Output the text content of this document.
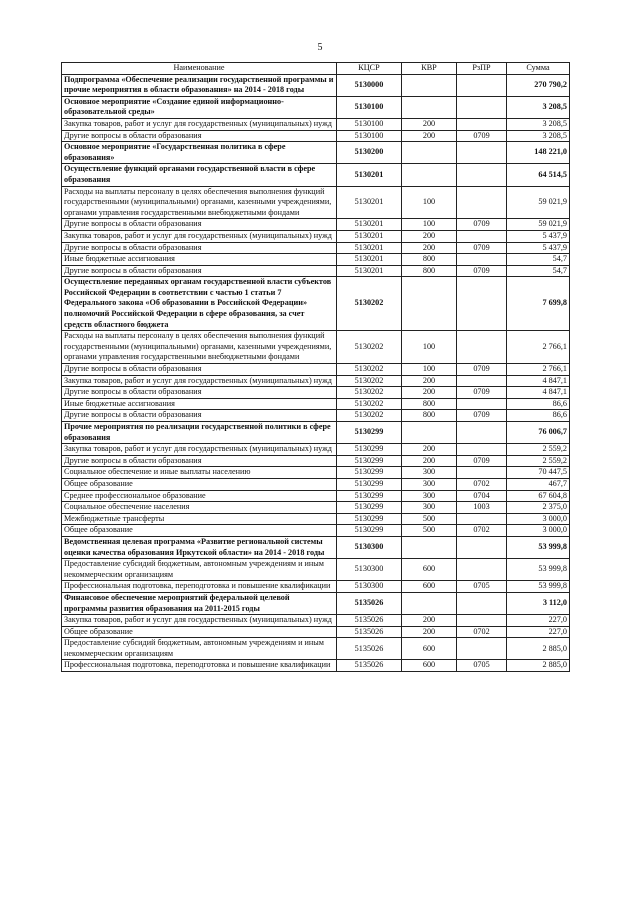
5
Наименование	КЦСР	КВР	РзПР	Сумма
Подпрограмма «Обеспечение реализации государственной программы и прочие мероприятия в области образования» на 2014 - 2018 годы	5130000			270 790,2
Основное мероприятие «Создание единой информационно-образовательной среды»	5130100			3 208,5
Закупка товаров, работ и услуг для государственных (муниципальных) нужд	5130100	200		3 208,5
Другие вопросы в области образования	5130100	200	0709	3 208,5
Основное мероприятие «Государственная политика в сфере образования»	5130200			148 221,0
Осуществление функций органами государственной власти в сфере образования	5130201			64 514,5
Расходы на выплаты персоналу в целях обеспечения выполнения функций государственными (муниципальными) органами, казенными учреждениями, органами управления государственными внебюджетными фондами	5130201	100		59 021,9
Другие вопросы в области образования	5130201	100	0709	59 021,9
Закупка товаров, работ и услуг для государственных (муниципальных) нужд	5130201	200		5 437,9
Другие вопросы в области образования	5130201	200	0709	5 437,9
Иные бюджетные ассигнования	5130201	800		54,7
Другие вопросы в области образования	5130201	800	0709	54,7
Осуществление переданных органам государственной власти субъектов Российской Федерации в соответствии с частью 1 статьи 7 Федерального закона «Об образовании в Российской Федерации» полномочий Российской Федерации в сфере образования, за счет средств областного бюджета	5130202			7 699,8
Расходы на выплаты персоналу в целях обеспечения выполнения функций государственными (муниципальными) органами, казенными учреждениями, органами управления государственными внебюджетными фондами	5130202	100		2 766,1
Другие вопросы в области образования	5130202	100	0709	2 766,1
Закупка товаров, работ и услуг для государственных (муниципальных) нужд	5130202	200		4 847,1
Другие вопросы в области образования	5130202	200	0709	4 847,1
Иные бюджетные ассигнования	5130202	800		86,6
Другие вопросы в области образования	5130202	800	0709	86,6
Прочие мероприятия по реализации государственной политики в сфере образования	5130299			76 006,7
Закупка товаров, работ и услуг для государственных (муниципальных) нужд	5130299	200		2 559,2
Другие вопросы в области образования	5130299	200	0709	2 559,2
Социальное обеспечение и иные выплаты населению	5130299	300		70 447,5
Общее образование	5130299	300	0702	467,7
Среднее профессиональное образование	5130299	300	0704	67 604,8
Социальное обеспечение населения	5130299	300	1003	2 375,0
Межбюджетные трансферты	5130299	500		3 000,0
Общее образование	5130299	500	0702	3 000,0
Ведомственная целевая программа «Развитие региональной системы оценки качества образования Иркутской области» на 2014 - 2018 годы	5130300			53 999,8
Предоставление субсидий бюджетным, автономным учреждениям и иным некоммерческим организациям	5130300	600		53 999,8
Профессиональная подготовка, переподготовка и повышение квалификации	5130300	600	0705	53 999,8
Финансовое обеспечение мероприятий федеральной целевой программы развития образования на 2011-2015 годы	5135026			3 112,0
Закупка товаров, работ и услуг для государственных (муниципальных) нужд	5135026	200		227,0
Общее образование	5135026	200	0702	227,0
Предоставление субсидий бюджетным, автономным учреждениям и иным некоммерческим организациям	5135026	600		2 885,0
Профессиональная подготовка, переподготовка и повышение квалификации	5135026	600	0705	2 885,0
